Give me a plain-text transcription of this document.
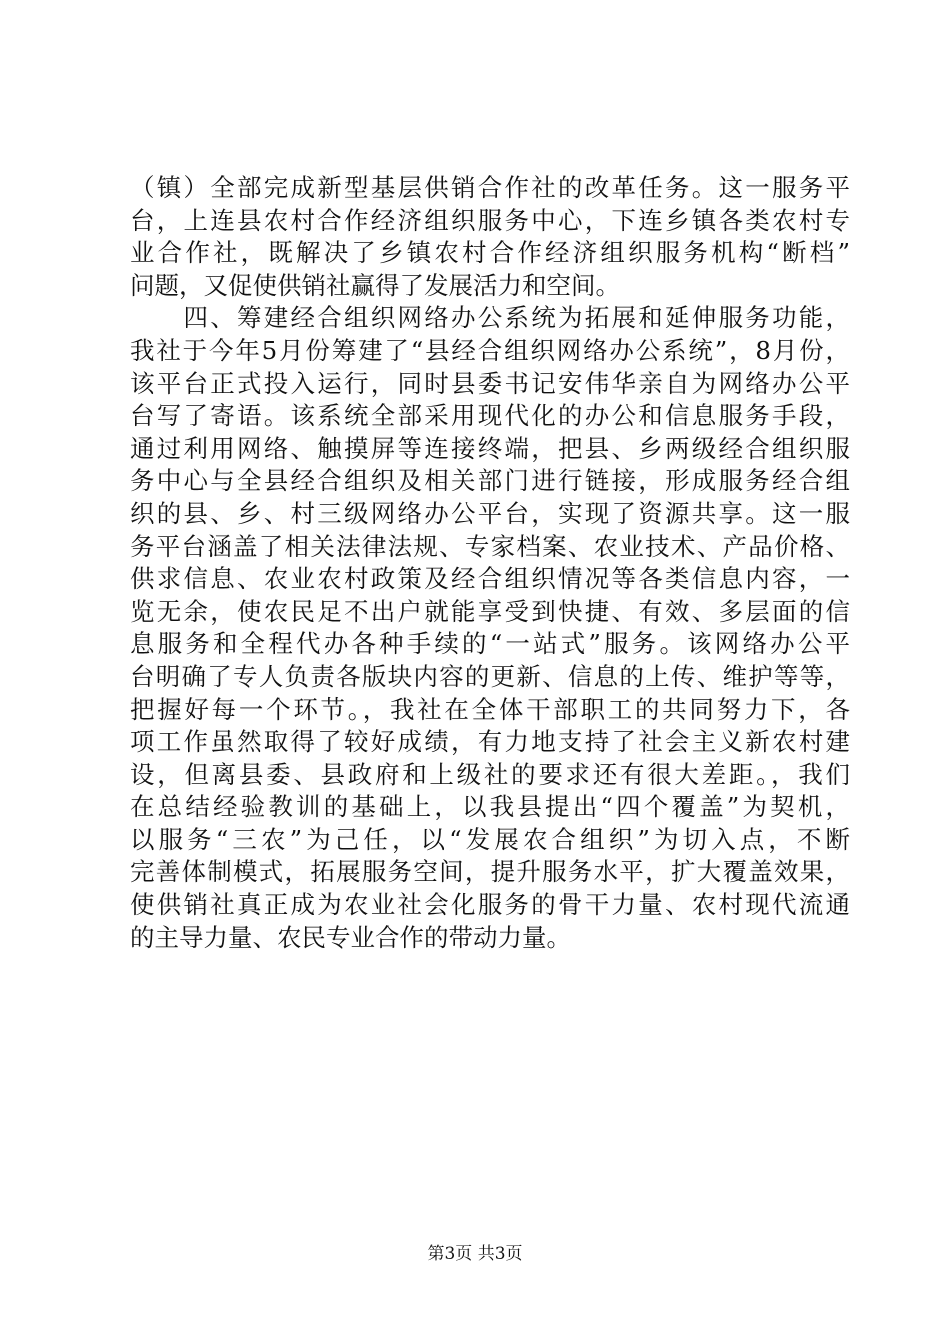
（镇）全部完成新型基层供销合作社的改革任务。这一服务平
台，上连县农村合作经济组织服务中心，下连乡镇各类农村专
业合作社，既解决了乡镇农村合作经济组织服务机构“断档”
问题，又促使供销社赢得了发展活力和空间。
　　四、筹建经合组织网络办公系统为拓展和延伸服务功能，
我社于今年5月份筹建了“县经合组织网络办公系统”，8月份，
该平台正式投入运行，同时县委书记安伟华亲自为网络办公平
台写了寄语。该系统全部采用现代化的办公和信息服务手段，
通过利用网络、触摸屏等连接终端，把县、乡两级经合组织服
务中心与全县经合组织及相关部门进行链接，形成服务经合组
织的县、乡、村三级网络办公平台，实现了资源共享。这一服
务平台涵盖了相关法律法规、专家档案、农业技术、产品价格、
供求信息、农业农村政策及经合组织情况等各类信息内容，一
览无余，使农民足不出户就能享受到快捷、有效、多层面的信
息服务和全程代办各种手续的“一站式”服务。该网络办公平
台明确了专人负责各版块内容的更新、信息的上传、维护等等，
把握好每一个环节。，我社在全体干部职工的共同努力下，各
项工作虽然取得了较好成绩，有力地支持了社会主义新农村建
设，但离县委、县政府和上级社的要求还有很大差距。，我们
在总结经验教训的基础上，以我县提出“四个覆盖”为契机，
以服务“三农”为己任，以“发展农合组织”为切入点，不断
完善体制模式，拓展服务空间，提升服务水平，扩大覆盖效果，
使供销社真正成为农业社会化服务的骨干力量、农村现代流通
的主导力量、农民专业合作的带动力量。
第3页 共3页
